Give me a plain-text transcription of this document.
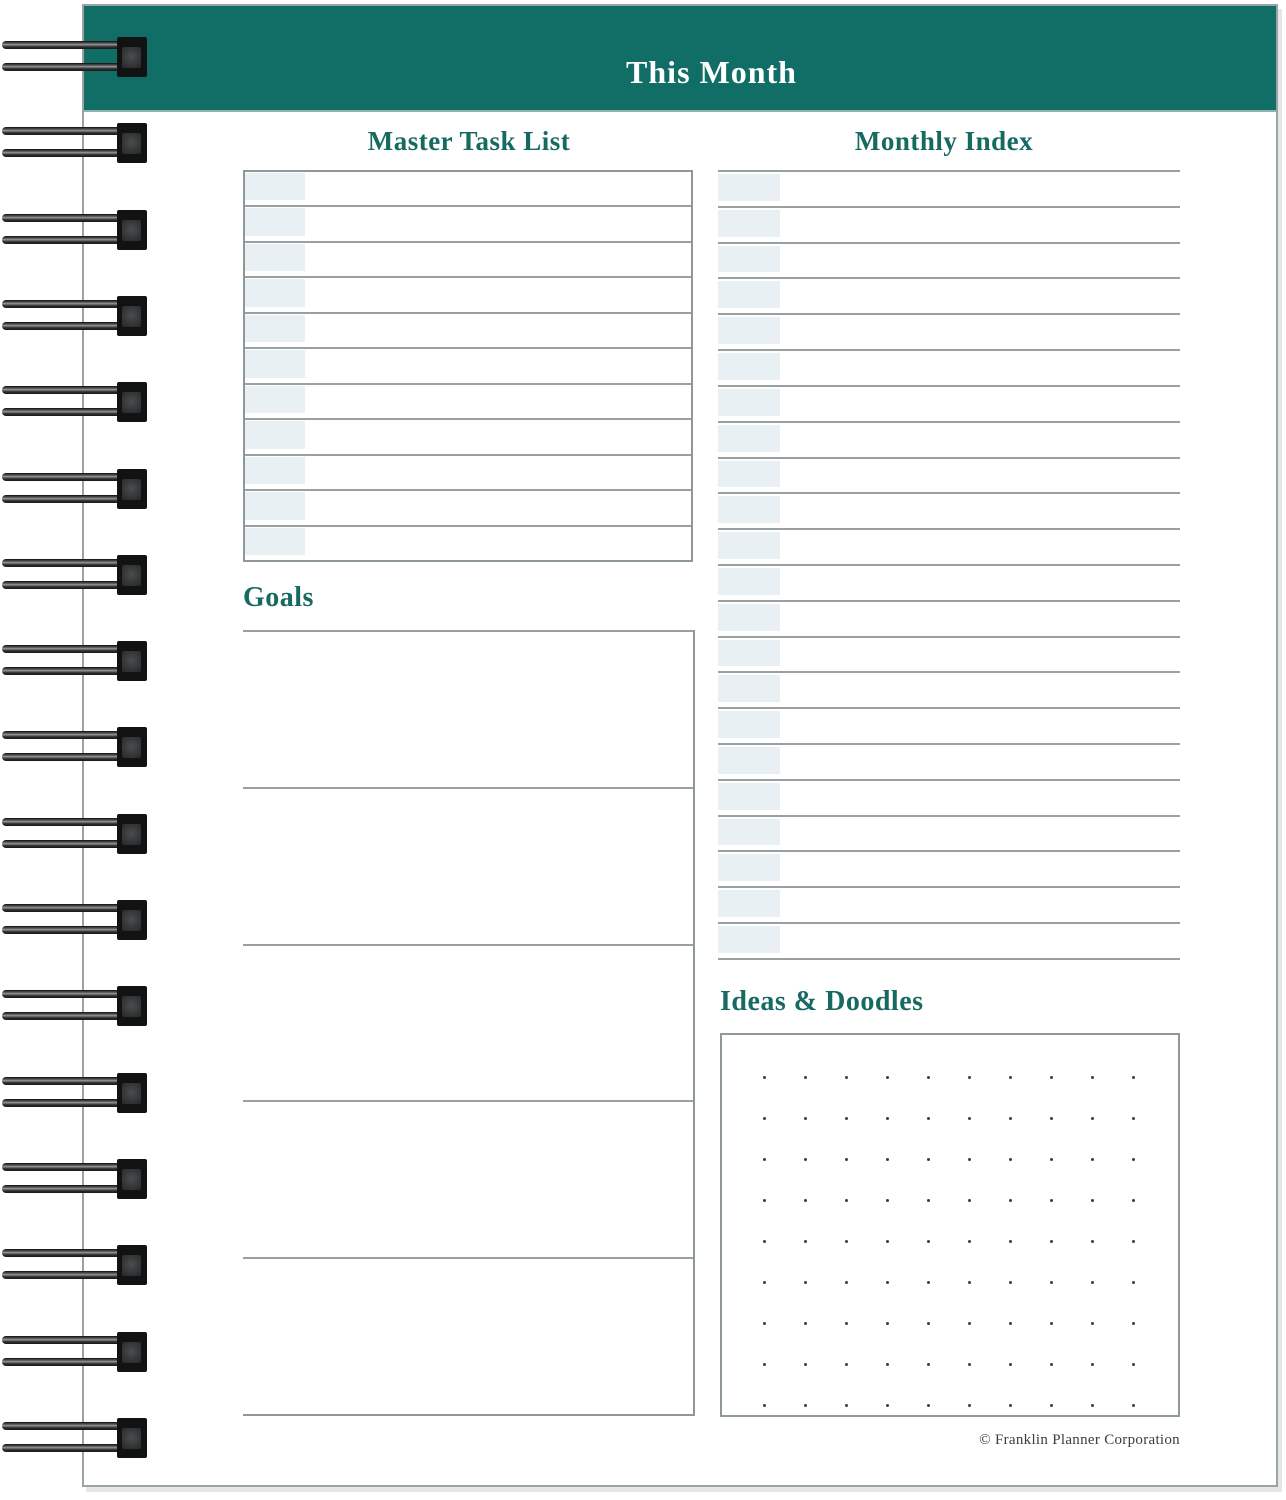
This Month
Master Task List	Monthly Index
Goals
Ideas & Doodles
© Franklin Planner Corporation
